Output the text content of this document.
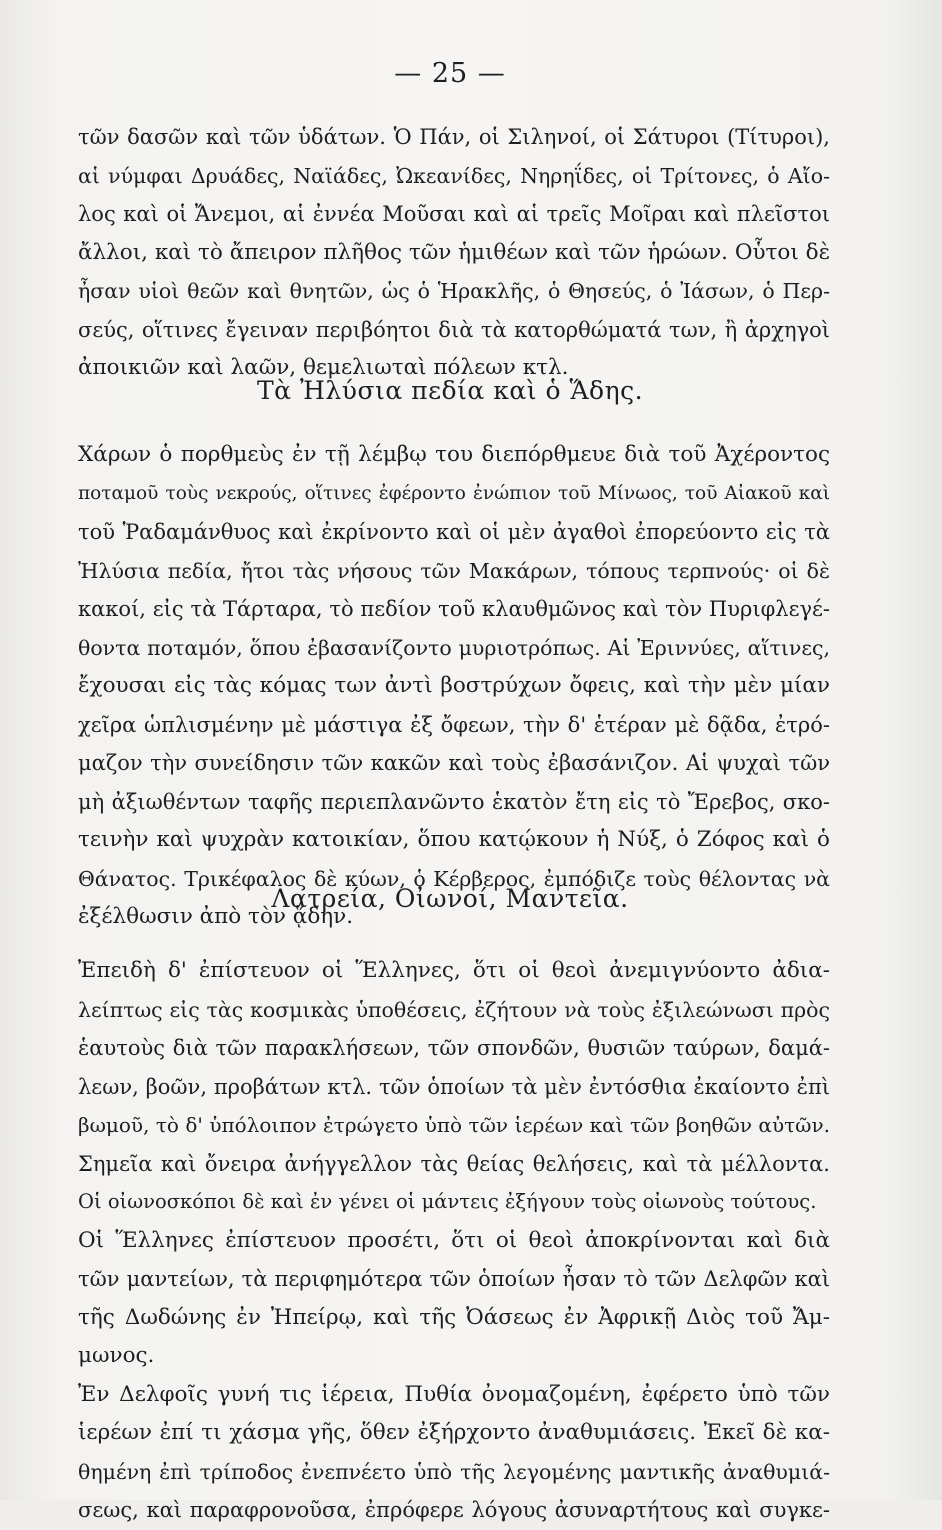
— 25 —
τῶν δασῶν καὶ τῶν ὑδάτων. Ὁ Πάν, οἱ Σιληνοί, οἱ Σάτυροι (Τίτυροι),
αἱ νύμφαι Δρυάδες, Ναϊάδες, Ὠκεανίδες, Νηρηΐδες, οἱ Τρίτονες, ὁ Αἴο-
λος καὶ οἱ Ἄνεμοι, αἱ ἐννέα Μοῦσαι καὶ αἱ τρεῖς Μοῖραι καὶ πλεῖστοι
ἄλλοι, καὶ τὸ ἄπειρον πλῆθος τῶν ἡμιθέων καὶ τῶν ἡρώων. Οὗτοι δὲ
ἦσαν υἱοὶ θεῶν καὶ θνητῶν, ὡς ὁ Ἡρακλῆς, ὁ Θησεύς, ὁ Ἰάσων, ὁ Περ-
σεύς, οἵτινες ἔγειναν περιβόητοι διὰ τὰ κατορθώματά των, ἢ ἀρχηγοὶ
ἀποικιῶν καὶ λαῶν, θεμελιωταὶ πόλεων κτλ.
Τὰ Ἠλύσια πεδία καὶ ὁ Ἅδης.
Χάρων ὁ πορθμεὺς ἐν τῇ λέμβῳ του διεπόρθμευε διὰ τοῦ Ἀχέροντος
ποταμοῦ τοὺς νεκρούς, οἵτινες ἐφέροντο ἐνώπιον τοῦ Μίνωος, τοῦ Αἰακοῦ καὶ
τοῦ Ῥαδαμάνθυος καὶ ἐκρίνοντο καὶ οἱ μὲν ἀγαθοὶ ἐπορεύοντο εἰς τὰ
Ἠλύσια πεδία, ἤτοι τὰς νήσους τῶν Μακάρων, τόπους τερπνούς· οἱ δὲ
κακοί, εἰς τὰ Τάρταρα, τὸ πεδίον τοῦ κλαυθμῶνος καὶ τὸν Πυριφλεγέ-
θοντα ποταμόν, ὅπου ἐβασανίζοντο μυριοτρόπως. Αἱ Ἐριννύες, αἵτινες,
ἔχουσαι εἰς τὰς κόμας των ἀντὶ βοστρύχων ὄφεις, καὶ τὴν μὲν μίαν
χεῖρα ὡπλισμένην μὲ μάστιγα ἐξ ὄφεων, τὴν δ' ἑτέραν μὲ δᾷδα, ἐτρό-
μαζον τὴν συνείδησιν τῶν κακῶν καὶ τοὺς ἐβασάνιζον. Αἱ ψυχαὶ τῶν
μὴ ἀξιωθέντων ταφῆς περιεπλανῶντο ἑκατὸν ἔτη εἰς τὸ Ἔρεβος, σκο-
τεινὴν καὶ ψυχρὰν κατοικίαν, ὅπου κατῴκουν ἡ Νύξ, ὁ Ζόφος καὶ ὁ
Θάνατος. Τρικέφαλος δὲ κύων, ὁ Κέρβερος, ἐμπόδιζε τοὺς θέλοντας νὰ
ἐξέλθωσιν ἀπὸ τὸν ᾅδην.
Λατρεία, Οἰωνοί, Μαντεῖα.
Ἐπειδὴ δ' ἐπίστευον οἱ Ἕλληνες, ὅτι οἱ θεοὶ ἀνεμιγνύοντο ἀδια-
λείπτως εἰς τὰς κοσμικὰς ὑποθέσεις, ἐζήτουν νὰ τοὺς ἐξιλεώνωσι πρὸς
ἑαυτοὺς διὰ τῶν παρακλήσεων, τῶν σπονδῶν, θυσιῶν ταύρων, δαμά-
λεων, βοῶν, προβάτων κτλ. τῶν ὁποίων τὰ μὲν ἐντόσθια ἐκαίοντο ἐπὶ
βωμοῦ, τὸ δ' ὑπόλοιπον ἐτρώγετο ὑπὸ τῶν ἱερέων καὶ τῶν βοηθῶν αὐτῶν.
Σημεῖα καὶ ὄνειρα ἀνήγγελλον τὰς θείας θελήσεις, καὶ τὰ μέλλοντα.
Οἱ οἰωνοσκόποι δὲ καὶ ἐν γένει οἱ μάντεις ἐξήγουν τοὺς οἰωνοὺς τούτους.
Οἱ Ἕλληνες ἐπίστευον προσέτι, ὅτι οἱ θεοὶ ἀποκρίνονται καὶ διὰ
τῶν μαντείων, τὰ περιφημότερα τῶν ὁποίων ἦσαν τὸ τῶν Δελφῶν καὶ
τῆς Δωδώνης ἐν Ἠπείρῳ, καὶ τῆς Ὀάσεως ἐν Ἀφρικῇ Διὸς τοῦ Ἄμ-
μωνος.
Ἐν Δελφοῖς γυνή τις ἱέρεια, Πυθία ὀνομαζομένη, ἐφέρετο ὑπὸ τῶν
ἱερέων ἐπί τι χάσμα γῆς, ὅθεν ἐξήρχοντο ἀναθυμιάσεις. Ἐκεῖ δὲ κα-
θημένη ἐπὶ τρίποδος ἐνεπνέετο ὑπὸ τῆς λεγομένης μαντικῆς ἀναθυμιά-
σεως, καὶ παραφρονοῦσα, ἐπρόφερε λόγους ἀσυναρτήτους καὶ συγκε-
